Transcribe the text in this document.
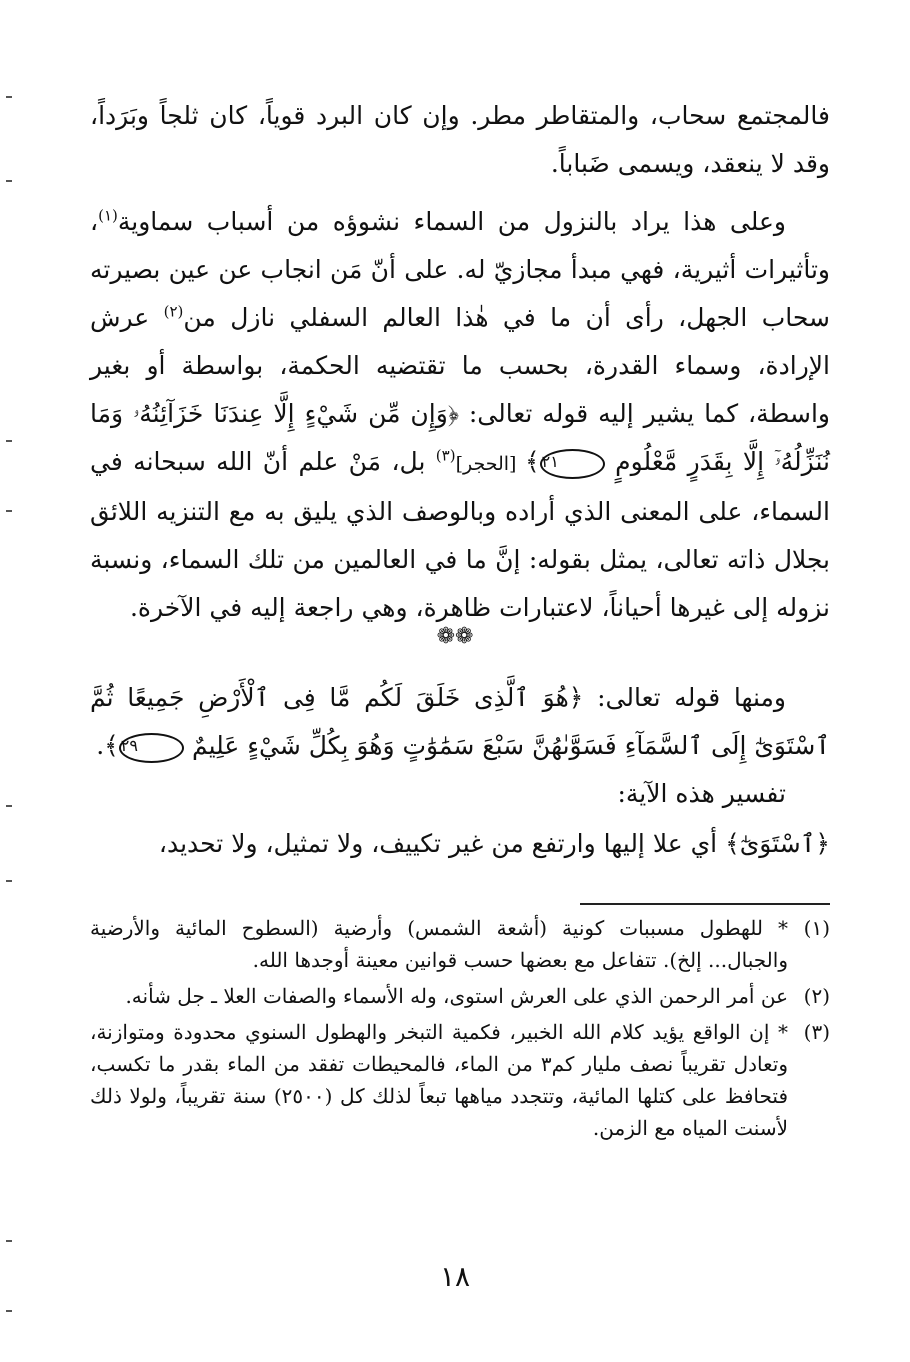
فالمجتمع سحاب، والمتقاطر مطر. وإن كان البرد قوياً، كان ثلجاً وبَرَداً، وقد لا ينعقد، ويسمى ضَباباً.

وعلى هذا يراد بالنزول من السماء نشوؤه من أسباب سماوية$^{(١)}$، وتأثيرات أثيرية، فهي مبدأ مجازيّ له. على أنّ مَن انجاب عن عين بصيرته سحاب الجهل، رأى أن ما في هٰذا العالم السفلي نازل من$^{(٢)}$ عرش الإرادة، وسماء القدرة، بحسب ما تقتضيه الحكمة، بواسطة أو بغير واسطة، كما يشير إليه قوله تعالى: ﴿وَإِن مِّن شَيْءٍ إِلَّا عِندَنَا خَزَآئِنُهُۥ وَمَا نُنَزِّلُهُۥٓ إِلَّا بِقَدَرٍ مَّعْلُومٍ ٢١﴾ [الحجر]$^{(٣)}$ بل، مَنْ علم أنّ الله سبحانه في السماء، على المعنى الذي أراده وبالوصف الذي يليق به مع التنزيه اللائق بجلال ذاته تعالى، يمثل بقوله: إنَّ ما في العالمين من تلك السماء، ونسبة نزوله إلى غيرها أحياناً، لاعتبارات ظاهرة، وهي راجعة إليه في الآخرة.

❁❁

ومنها قوله تعالى: ﴿هُوَ ٱلَّذِى خَلَقَ لَكُم مَّا فِى ٱلْأَرْضِ جَمِيعًا ثُمَّ ٱسْتَوَىٰٓ إِلَى ٱلسَّمَآءِ فَسَوَّىٰهُنَّ سَبْعَ سَمَٰوَٰتٍ وَهُوَ بِكُلِّ شَيْءٍ عَلِيمٌ ٢٩﴾.

تفسير هذه الآية:

﴿ٱسْتَوَىٰٓ﴾ أي علا إليها وارتفع من غير تكييف، ولا تمثيل، ولا تحديد،

(١)
* للهطول مسببات كونية (أشعة الشمس) وأرضية (السطوح المائية والأرضية والجبال... إلخ). تتفاعل مع بعضها حسب قوانين معينة أوجدها الله.
(٢)
عن أمر الرحمن الذي على العرش استوى، وله الأسماء والصفات العلا ـ جل شأنه.
(٣)
* إن الواقع يؤيد كلام الله الخبير، فكمية التبخر والهطول السنوي محدودة ومتوازنة، وتعادل تقريباً نصف مليار كم٣ من الماء، فالمحيطات تفقد من الماء بقدر ما تكسب، فتحافظ على كتلها المائية، وتتجدد مياهها تبعاً لذلك كل (٢٥٠٠) سنة تقريباً، ولولا ذلك لأسنت المياه مع الزمن.
١٨
